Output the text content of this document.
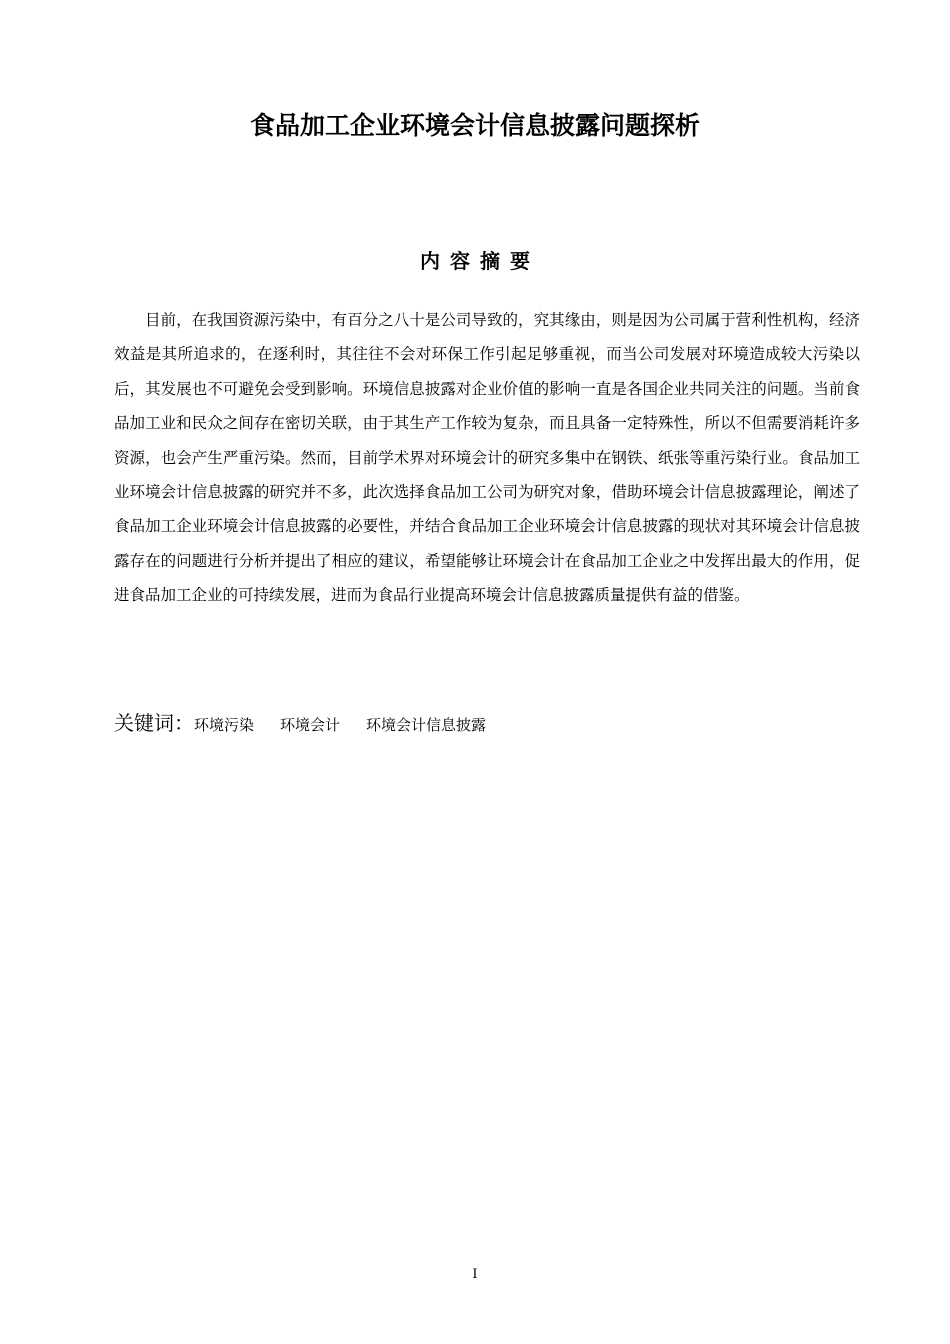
食品加工企业环境会计信息披露问题探析
内容摘要

目前，在我国资源污染中，有百分之八十是公司导致的，究其缘由，则是因为公司属于营利性机构，经济效益是其所追求的，在逐利时，其往往不会对环保工作引起足够重视，而当公司发展对环境造成较大污染以后，其发展也不可避免会受到影响。环境信息披露对企业价值的影响一直是各国企业共同关注的问题。当前食品加工业和民众之间存在密切关联，由于其生产工作较为复杂，而且具备一定特殊性，所以不但需要消耗许多资源，也会产生严重污染。然而，目前学术界对环境会计的研究多集中在钢铁、纸张等重污染行业。食品加工业环境会计信息披露的研究并不多，此次选择食品加工公司为研究对象，借助环境会计信息披露理论，阐述了食品加工企业环境会计信息披露的必要性，并结合食品加工企业环境会计信息披露的现状对其环境会计信息披露存在的问题进行分析并提出了相应的建议，希望能够让环境会计在食品加工企业之中发挥出最大的作用，促进食品加工企业的可持续发展，进而为食品行业提高环境会计信息披露质量提供有益的借鉴。

关键词：环境污染 环境会计 环境会计信息披露
I
